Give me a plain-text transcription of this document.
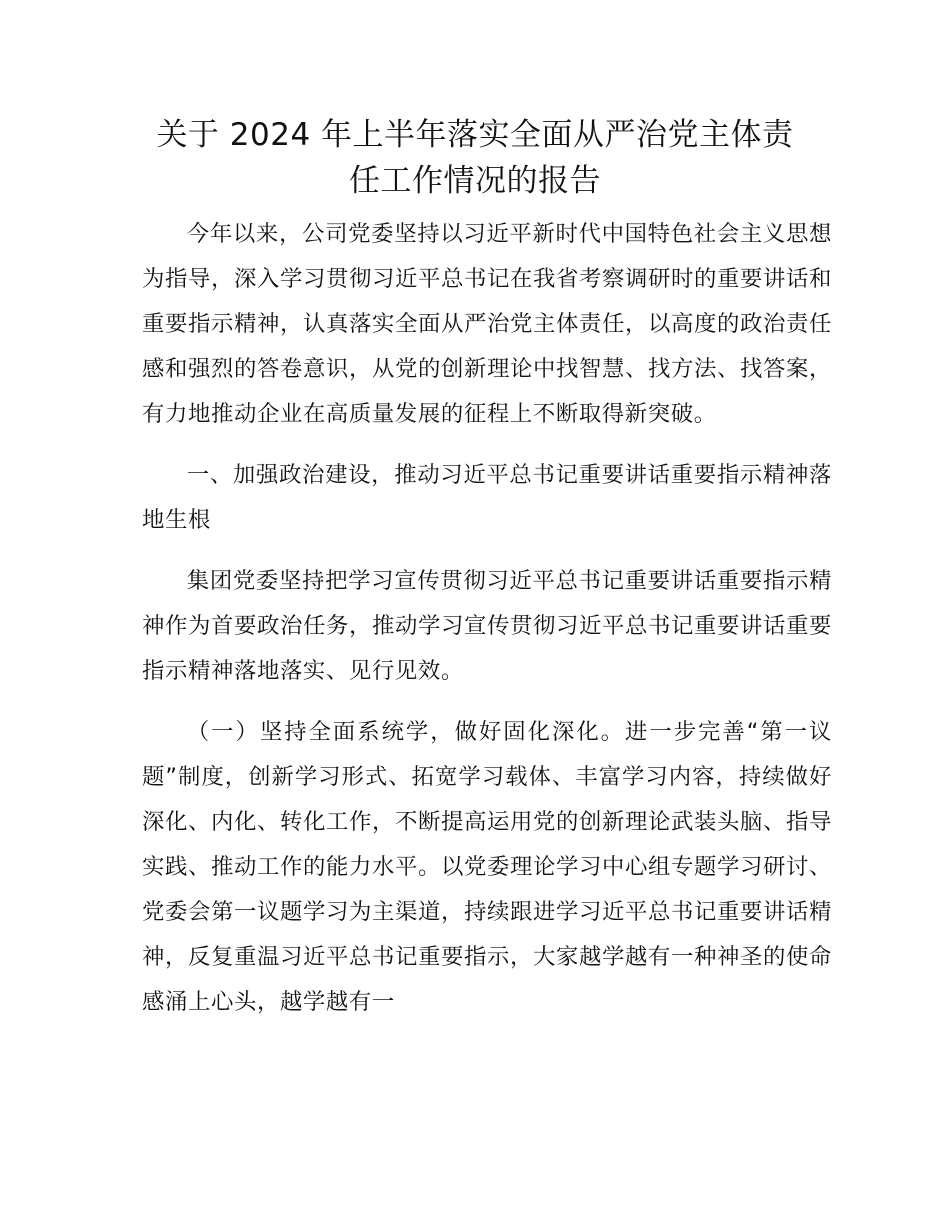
关于 2024 年上半年落实全面从严治党主体责
任工作情况的报告

今年以来，公司党委坚持以习近平新时代中国特色社会主义思想为指导，深入学习贯彻习近平总书记在我省考察调研时的重要讲话和重要指示精神，认真落实全面从严治党主体责任，以高度的政治责任感和强烈的答卷意识，从党的创新理论中找智慧、找方法、找答案，有力地推动企业在高质量发展的征程上不断取得新突破。

一、加强政治建设，推动习近平总书记重要讲话重要指示精神落地生根

集团党委坚持把学习宣传贯彻习近平总书记重要讲话重要指示精神作为首要政治任务，推动学习宣传贯彻习近平总书记重要讲话重要指示精神落地落实、见行见效。

（一）坚持全面系统学，做好固化深化。进一步完善“第一议题”制度，创新学习形式、拓宽学习载体、丰富学习内容，持续做好深化、内化、转化工作，不断提高运用党的创新理论武装头脑、指导实践、推动工作的能力水平。以党委理论学习中心组专题学习研讨、党委会第一议题学习为主渠道，持续跟进学习近平总书记重要讲话精神，反复重温习近平总书记重要指示，大家越学越有一种神圣的使命感涌上心头，越学越有一
